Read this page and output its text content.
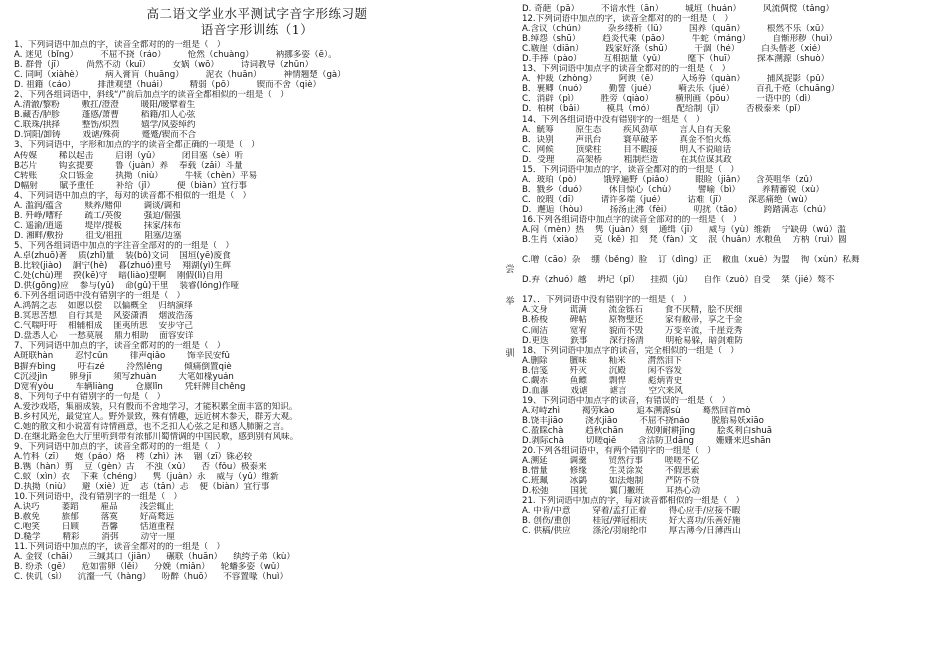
高二语文学业水平测试字音字形练习题
语音字形训练（1）
1、下列词语中加点的字，读音全都对的的一组是（   ）
A. 迷见（bǐng）        不屈不挠（ráo）        怆然（chuàng）        衲挪多姿（ē）。
B. 群骨（jī）        尚然不动（kuī）        女娲（wō）        诗词教导（zhūn）
C. 同呵（xiàhè）        病入膏肓（huāng）        泥衣（huān）        神情翘楚（gà）
D. 祖籍（cáo）        排泄观望（huái）        精弱（pō）        锲而不舍（qiè）
2、下列各组词语中，斜线“/”前后加点字的读音全都相似的一组是（   ）
A.清澈/黎粉        敷扛/澄澄        暖阳/暧擘着生
B.藏否/胪胗        蓬感/萧曹        稻籍/扣人心弦
C.联珠/拱择        整饬/炽烈        嬉学/风姿绰约
D.饲阳/卸铸        戏谑/殊荷        蹙蹙/锲而不合
3、下列词语中，字形和加点的字的读音全都正确的一项是（   ）
A传媒        稀以起击        启诩（yǔ）        闭目塞（sè）听
B芯片        钩玄提要        鲁（juàn）养    奉载（zǎi）斗量
C转账        众口铄金        执拗（niù）        牛犊（chèn）平易
D幅射        賦予重任        补给（jǐ）        便（biàn）宜行事
4、下列词语中加点的字，每对的读音都不相似的一组是（   ）
A. 滥润/蕴含        赎养/赌仰        调谈/调和
B. 歼峥/嘈籽        疏工/英俊        强迫/倔强
C. 遥渝/逍遥        堤岸/提板        抹家/抹布
D. 湘畔/敷扮        徂戈/祖扭        阻塞/边塞
5、下列各组词语中加点的字注音全部对的的一组是（   ）
A.卓(zhuō)著    质(zhǐ)量    装(bǒ)文词    国垣(yē)废食
B.比较(jiào)    詗宁(hè)    暮(zhuó)重号    翔湖(yì)生辉
C.处(chù)理    揆(kē)守    暗(liào)望啊    刚假(lì)自用
D.供(gōng)应    参与(yǔ)    命(gǔ)干里    装睿(lóng)作哑
6.下列各组词语中没有错别字的一组是（   ）
A.鸿鹄之志    如愿以偿    以偏概全    归纳演绎
B.冥思苦想    自行其是    风姿潇洒    烟波浩荡
C.气喘吁吁    相辅相成    匪夷所思    安步守己
D.盘悉人心    一愁莫展    鼎力相助    面容安详
7、下列词语中加点的字，读音全都对的的一组是（   ）
A斑联hàn        忍忖cǔn        徘声qiǎo        饰辛民安fǔ
B摒弃bìng        吁右zé        泠然lěng        倾痛倒置qiè
C沉浸jìn        卵身jī        须写zhuàn        大笔如椽yuán
D宽宥yòu        车辆liàng        仓廪lǐn        凭轩牌目chěng
8、下列句子中有错别字的一句是（   ）
A.爱沙戏塔，集丽成装，只有骰而不舍地学习，才能积累全面丰富的知识。
B.乡村风光，最觉宜人。野外景致，殊有情趣，远近树木参天，群芳大观。
C.她的散文和小说富有诗情画意，也不乏扣人心弦之足和感人肺腑之言。
D.在继北路金色大厅里听到带有浓郁川蜀情调的中国民歌，感到别有风味。
9、下列词语中加点的字，读音全都对的的一组是（   ）
A.竹科（zī）    炮（páo）烙    樗（zhì）沐    锢（zī）铢必较
B.镌（hàn）剪    豆（gèn）古    不浊（xǔ）    否（fǒu）极泰来
C.蚁（xìn）衣    下乘（chéng）    隽（juàn）永    威与（yǔ）维新
D.执拗（niù）    避（xiè）近    志（tǎn）忐    便（biàn）宜行事
10.下列词语中，没有错别字的一组是（   ）
A.诀巧        萎蹈        雇品        浅尝辄止
B.赦免        旅郁        落寞        好高鹜远
C.咆笑        日顾        吾馨        恬道重程
D.糙学        精彩        消弭        动守一厘
11.下列词语中加点的字，读音全都对的的一组是（   ）
A. 金钗（chāi）    三缄其口（jiān）    碾联（huān）    纨绔子弟（kù）
B. 纷杀（gē）    危如雷卵（lěi）    分娩（miǎn）    轮蟠多姿（wǔ）
C. 侠讥（sì）    沆瀣一气（hàng）    吩醉（huō）    不容置喙（huì）
尝
举
驯
D. 奇葩（pā）        不谙水性（ān）        城垣（huán）        风流倜傥（tǎng）
12.下列词语中加点的字，读音全都对的的一组是（   ）
A.含议（chún）        杂乡缕析（lǚ）        国养（quān）        根然不乐（xū）
B.绰怨（shū）        趋炎代乘（pāo）        牛蛇（máng）        自惭形秽（huì）
C.皲崖（diān）        践家好涤（shū）        干涸（hé）        白头偕老（xié）
D.手捧（pào）        互相掂量（yǔ）        麾下（huī）        探本溯源（shuò）
13、下列词语中加点字的读音全都对的的一组是（   ）
A．仲裁（zhòng）        阿谀（ē）        入场券（quàn）        捕风捉影（pǔ）
B．裹卿（nuó）        勤誓（jué）        嗬去乐（jué）        百孔千疮（chuāng）
C．消辟（pì）        胜旁（qiào）        横刑画（pōu）        一语中的（dì）
D．柏树（bǎi）        模具（mó）        配给制（jǐ）        否极泰来（pǐ）
14、下列各组词语中没有错别字的一组是（   ）
A．觥筹        原生态        疾风劲草        言人自有天象
B．诀别        声讯台        寰草破茅        真金不怕火炼
C．网候        顶梁柱        目不暇接        明人不说暗话
D．受理        高架桥        粗制烂造        在其位谋其政
15．下列词语中加点的字，读音全都对的的一组是（   ）
A．玻珀（pò）        饿殍遍野（piǎo）        眼睑（jiǎn）    含英咀华（zǔ）
B．戮乡（duó）        休目惊心（chù）        譬喻（bì）        养精蓄锐（xù）
C．皎瑕（dī）        请许多端（jué）        诂难（jī）        深恶痛绝（wù）
D．邂逅（hòu）        扬汤止沸（fèi）        叨扰（tāo）        跨踏满志（chú）
16.下列各组词语中加点字的读音全部对的的一组是（   ）
A.闷（mèn）热    隽（juàn）刻    通缉（jī）    威与（yù）维新    宁缺毋（wú）滥
B.生肖（xiào）    克（kě）扣    梵（fàn）文    泯（huǎn）水粮鱼    方枘（ruì）圆

C.噌（cāo）杂    绷（běng）脸    订（dìng）正    敝血（xuè）为盟    徇（xùn）私舞

D.弃（zhuó）越    坍圮（pǐ）    挂损（jù）    自作（zuò）自受    桀（jié）骜不

17、．下列词语中没有错别字的一组是（   ）
A.文身        谎满        流金铄石        食不厌精，脍不厌细
B.桥梭        碑帖        原物璧还        家有敝帚，享之千金
C.闹洁        宽宥        貌而不毁        万变辛流，千崖竞秀
D.更迭        鉃事        深行扬清        明枪易躲，暗剑难防
18、下列词语中加点字的读音，完全相似的一组是（   ）
A.删除        膻味        籼米        潸然泪下
B.信笺        歼灭        沉殿        闲不容发
C.觑赤        鱼鳔        剽悍        彪炳青史
D.血瀑        戏谑        谑言        空穴来风
19、下列词语中加点字的读音，有错误的一组是（   ）
A.对峙zhì        褐劳kào        追本溯源sù        蓦然回首mò
B.饶丰jiāo        浇水jiāo        不屈不挠náo        脱胎易妖xiāo
C.盈睬chà        趋秋chān        敖刚耐耕jīng        脍炙利白shuā
D.剥际chà        切嗟qiē        含沽防卫dāng        姗姗来迟shān
20.下列各组词语中，有两个错别字的一组是（   ）
A.溯延        调羹        贸然行事        嗟嗟不亿
B.惜量        修缘        生灵涂炭        不假思索
C.班珮        冰鹢        如法炮制        严防不贷
D.松弛        国犹        翼门撇班        耳热心动
21. 下列词语中加点的字，每对读音都相似的一组是（   ）
A. 中肯/中意        穿着/孟打正着        得心应手/应接不暇
B. 创伤/重创        桂冠/弹冠相庆        好大喜功/乐善好施
C. 供稿/供应        涤沦/羽扇纶巾        厚古薄今/日薄西山
